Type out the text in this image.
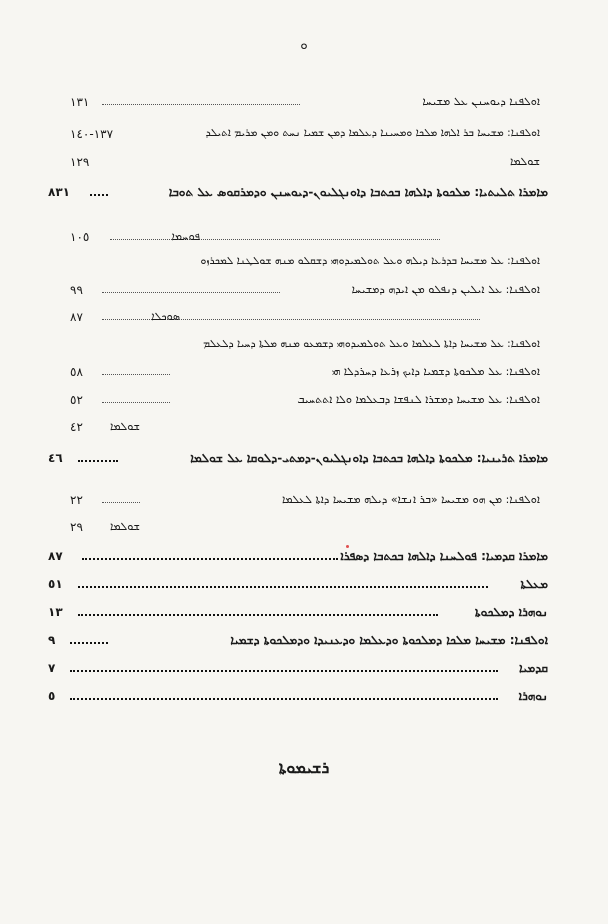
ܘ
١٣١	ܐܘܠܦܢܐ ܕܝܘܚܢܢ ܥܠ ܡܫܝܚܐ
١٣٧-١٤٠	ܐܘܠܦܢܐ: ܡܫܝܚܐ ܒܪ ܐܠܗܐ ܡܠܟܐ ܘܡܚܝܢܐ ܕܥܠܡܐ ܕܡܢ ܫܡܝܐ ܢܚܬ ܘܡܢ ܡܪܝܡ ܐܬܝܠܕ
١٢٩	ܫܘܠܡܐ
٨٣١	ܡܐܡܪܐ ܬܠܝܬܝܐ: ܡܠܟܘܬܐ ܕܐܠܗܐ ܒܟܬܒܐ ܕܐܘܢܓܠܝܘܢ-ܕܝܘܚܢܢ ܘܕܡܪܩܘܣ ܥܠ ܬܘܒܐ
١٠٥	ܦܘܚܡܐ
ܐܘܠܦܢܐ: ܥܠ ܡܫܝܚܐ ܒܕܪܥܐ ܕܝܠܗ ܘܥܠ ܬܘܠܡܝܕܘܗܝ ܕܫܩܠܘ ܡܢܗ ܫܘܠܛܢܐ ܠܡܟܪܙܘ
٩٩	ܐܘܠܦܢܐ: ܥܠ ܐܝܠܝܢ ܕܢܦܠܘ ܡܢ ܐܝܕܗ ܕܡܫܝܚܐ
٨٧	ܣܘܟܠܐ
ܐܘܠܦܢܐ: ܥܠ ܡܫܝܚܐ ܕܐܬܐ ܠܥܠܡܐ ܘܥܠ ܬܘܠܡܝܕܘܗܝ ܕܫܡܥܘ ܡܢܗ ܡܠܬܐ ܕܚܝܐ ܕܠܥܠܡ
٥٨	ܐܘܠܦܢܐ: ܥܠ ܡܠܟܘܬܐ ܕܫܡܝܐ ܕܐܝܟ ܙܪܥܐ ܕܚܪܕܠܐ ܗܝ
٥٢	ܐܘܠܦܢܐ: ܥܠ ܡܫܝܚܐ ܕܡܫܪܐ ܠܢܦܫܐ ܕܒܥܠܡܐ ܘܠܐ ܐܬܬܚܝܒ
٤٢ ܫܘܠܡܐ
٤٦	ܡܐܡܪܐ ܬܪܝܢܝܐ: ܡܠܟܘܬܐ ܕܐܠܗܐ ܒܟܬܒܐ ܕܐܘܢܓܠܝܘܢ-ܕܡܬܝ-ܕܠܘܩܐ ܥܠ ܫܘܠܡܐ
٢٢	ܐܘܠܦܢܐ: ܡܢ ܗܘ ܡܫܝܚܐ «ܒܪ ܐܢܫܐ» ܕܝܠܗ ܡܫܝܚܐ ܕܐܬܐ ܠܥܠܡܐ
٢٩ ܫܘܠܡܐ
٨٧	ܡܐܡܪܐ ܩܕܡܝܐ: ܦܘܠܚܢܐ ܕܐܠܗܐ ܒܟܬܒܐ ܕܣܦܪܐ
٥١	ܡܥܠܬܐ
١٣	ܢܘܗܪܐ ܕܡܠܟܘܬܐ
٩	ܐܘܠܦܢܐ: ܡܫܝܚܐ ܡܠܟܐ ܕܡܠܟܘܬܐ ܘܕܥܠܡܐ ܘܕܥܢܝܕܐ ܘܕܡܠܟܘܬܐ ܕܫܡܝܐ
٧	ܩܕܡܝܐ
٥	ܢܘܗܪܐ
ܪܫܝܡܘܬܐ
